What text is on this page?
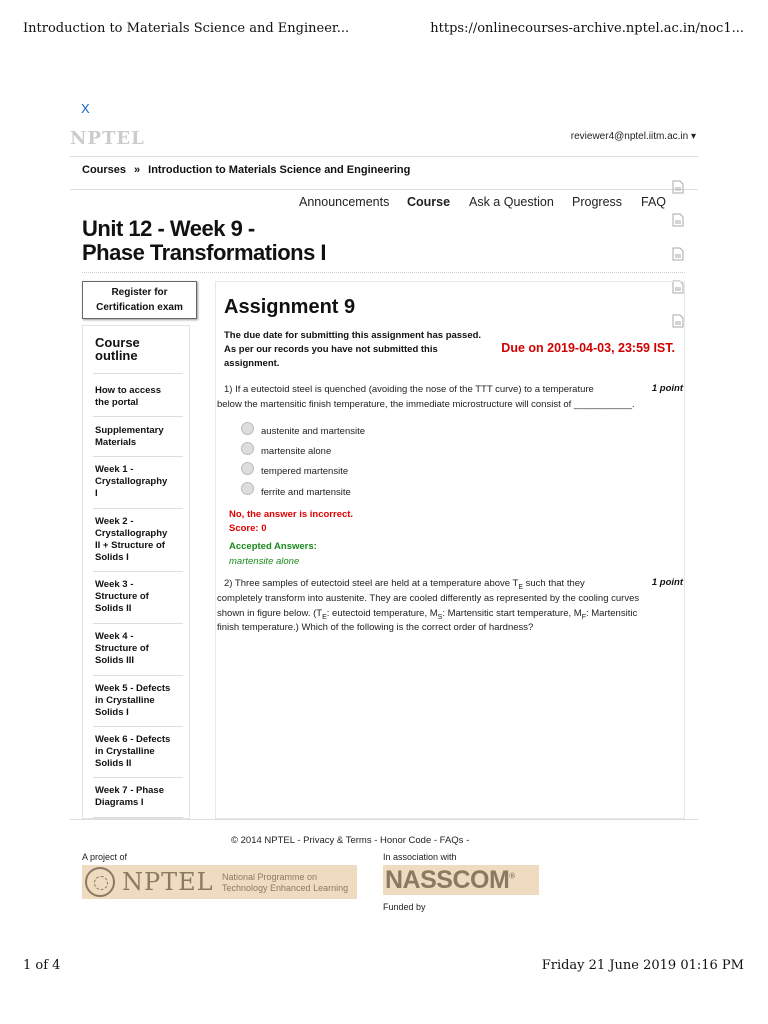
Introduction to Materials Science and Engineer...	https://onlinecourses-archive.nptel.ac.in/noc1...
1 of 4	Friday 21 June 2019 01:16 PM
X
NPTEL	reviewer4@nptel.iitm.ac.in ▾
Courses » Introduction to Materials Science and Engineering
Announcements Course Ask a Question Progress FAQ
Unit 12 - Week 9 -
Phase Transformations I
Register for
Certification exam
Course
outline
How to access
the portal
Supplementary
Materials
Week 1 -
Crystallography
I
Week 2 -
Crystallography
II + Structure of
Solids I
Week 3 -
Structure of
Solids II
Week 4 -
Structure of
Solids III
Week 5 - Defects
in Crystalline
Solids I
Week 6 - Defects
in Crystalline
Solids II
Week 7 - Phase
Diagrams I
Assignment 9
The due date for submitting this assignment has passed.
As per our records you have not submitted this
assignment.
Due on 2019-04-03, 23:59 IST.
1) If a eutectoid steel is quenched (avoiding the nose of the TTT curve) to a temperature
below the martensitic finish temperature, the immediate microstructure will consist of ___________.
1 point
austenite and martensite
martensite alone
tempered martensite
ferrite and martensite
No, the answer is incorrect.
Score: 0
Accepted Answers:
martensite alone
2) Three samples of eutectoid steel are held at a temperature above $T_E$ such that they
completely transform into austenite. They are cooled differently as represented by the cooling curves
shown in figure below. ($T_E$: eutectoid temperature, $M_S$: Martensitic start temperature, $M_F$: Martensitic
finish temperature.) Which of the following is the correct order of hardness?
1 point
© 2014 NPTEL - Privacy & Terms - Honor Code - FAQs -
A project of	In association with
NPTEL National Programme on
Technology Enhanced Learning NASSCOM®
Funded by
